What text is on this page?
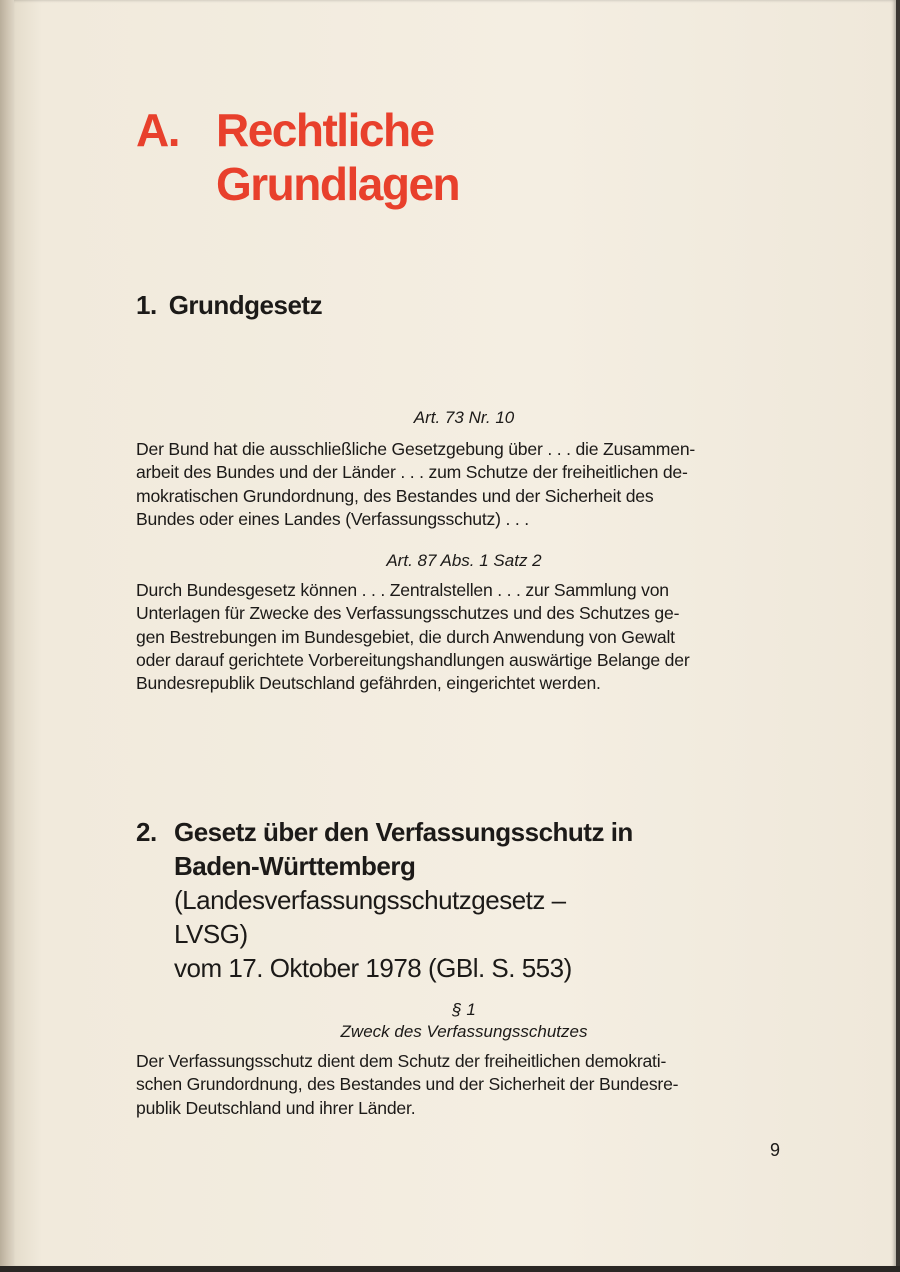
A. Rechtliche
Grundlagen
1. Grundgesetz
Art. 73 Nr. 10
Der Bund hat die ausschließliche Gesetzgebung über . . . die Zusammen-
arbeit des Bundes und der Länder . . . zum Schutze der freiheitlichen de-
mokratischen Grundordnung, des Bestandes und der Sicherheit des
Bundes oder eines Landes (Verfassungsschutz) . . .
Art. 87 Abs. 1 Satz 2
Durch Bundesgesetz können . . . Zentralstellen . . . zur Sammlung von
Unterlagen für Zwecke des Verfassungsschutzes und des Schutzes ge-
gen Bestrebungen im Bundesgebiet, die durch Anwendung von Gewalt
oder darauf gerichtete Vorbereitungshandlungen auswärtige Belange der
Bundesrepublik Deutschland gefährden, eingerichtet werden.
2. Gesetz über den Verfassungsschutz in
Baden-Württemberg
(Landesverfassungsschutzgesetz –
LVSG)
vom 17. Oktober 1978 (GBl. S. 553)
§ 1
Zweck des Verfassungsschutzes
Der Verfassungsschutz dient dem Schutz der freiheitlichen demokrati-
schen Grundordnung, des Bestandes und der Sicherheit der Bundesre-
publik Deutschland und ihrer Länder.
9
